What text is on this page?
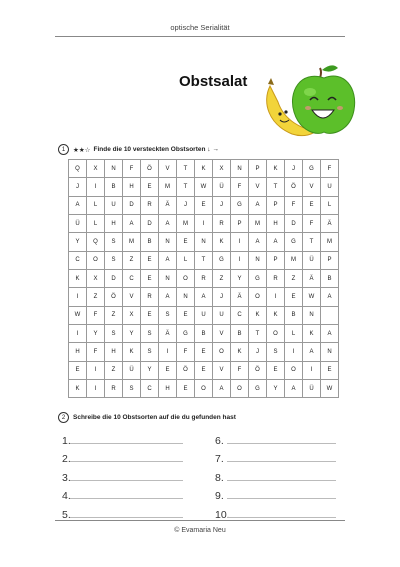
optische Serialität
Obstsalat
1	★★☆ Finde die 10 versteckten Obstsorten ↓ →
Q	X	N	F	Ö	V	T	K	X	N	P	K	J	G	F
J	I	B	H	E	M	T	W	Ü	F	V	T	Ö	V	U
A	L	U	D	R	Ä	J	E	J	G	A	P	F	E	L
Ü	L	H	A	D	A	M	I	R	P	M	H	D	F	Ä
Y	Q	S	M	B	N	E	N	K	I	A	A	G	T	M
C	O	S	Z	E	A	L	T	G	I	N	P	M	Ü	P
K	X	D	C	E	N	O	R	Z	Y	G	R	Z	Ä	B
I	Z	Ö	V	R	A	N	A	J	Ä	O	I	E	W	A
W	F	Z	X	E	S	E	U	U	C	K	K	B	N
I	Y	S	Y	S	Ä	G	B	V	B	T	O	L	K	A
H	F	H	K	S	I	F	E	O	K	J	S	I	A	N
E	I	Z	Ü	Y	E	Ö	E	V	F	Ö	E	O	I	E
K	I	R	S	C	H	E	O	A	O	G	Y	A	Ü	W
2	Schreibe die 10 Obstsorten auf die du gefunden hast
1.	6.
2.	7.
3.	8.
4.	9.
5.	10.
© Evamaria Neu
